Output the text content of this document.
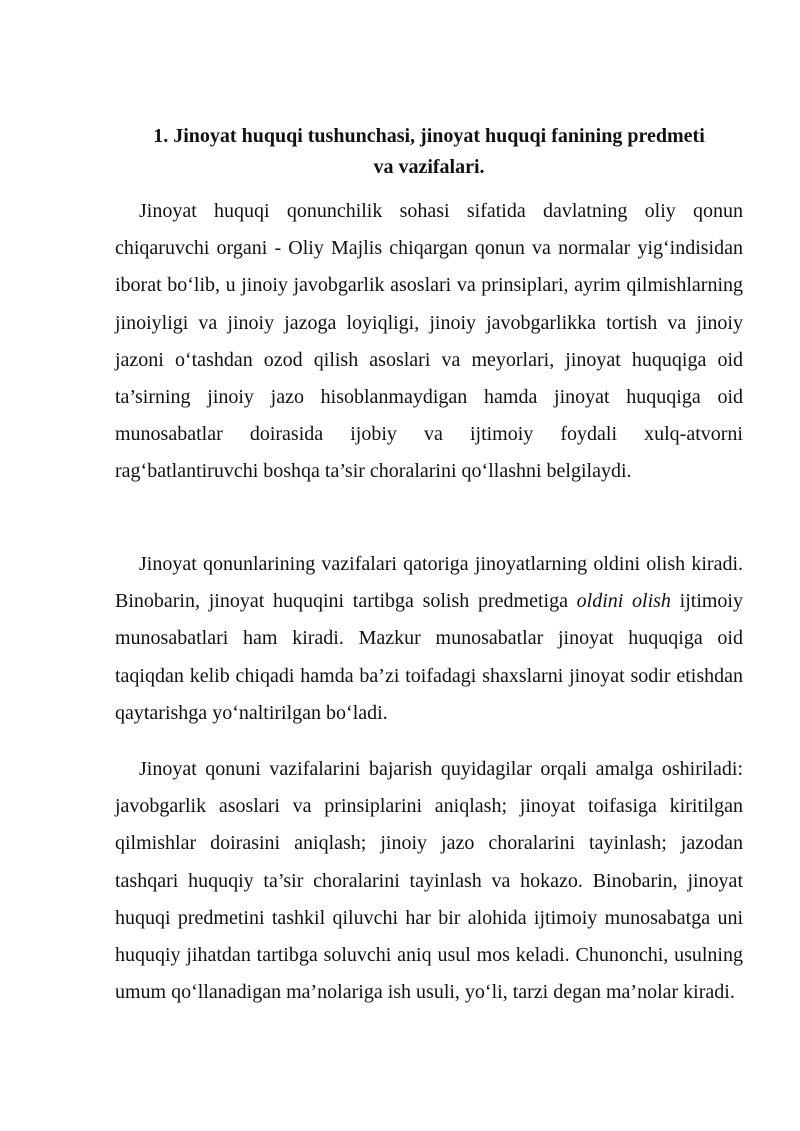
1. Jinoyat huquqi tushunchasi, jinoyat huquqi fanining predmeti
va vazifalari.

Jinoyat huquqi qonunchilik sohasi sifatida davlatning oliy qonun chiqaruvchi organi - Oliy Majlis chiqargan qonun va normalar yig‘indisidan iborat bo‘lib, u jinoiy javobgarlik asoslari va prinsiplari, ayrim qilmishlarning jinoiyligi va jinoiy jazoga loyiqligi, jinoiy javobgarlikka tortish va jinoiy jazoni o‘tashdan ozod qilish asoslari va meyorlari, jinoyat huquqiga oid ta’sirning jinoiy jazo hisoblanmaydigan hamda jinoyat huquqiga oid munosabatlar doirasida ijobiy va ijtimoiy foydali xulq-atvorni rag‘batlantiruvchi boshqa ta’sir choralarini qo‘llashni belgilaydi.

Jinoyat qonunlarining vazifalari qatoriga jinoyatlarning oldini olish kiradi. Binobarin, jinoyat huquqini tartibga solish predmetiga oldini olish ijtimoiy munosabatlari ham kiradi. Mazkur munosabatlar jinoyat huquqiga oid taqiqdan kelib chiqadi hamda ba’zi toifadagi shaxslarni jinoyat sodir etishdan qaytarishga yo‘naltirilgan bo‘ladi.

Jinoyat qonuni vazifalarini bajarish quyidagilar orqali amalga oshiriladi: javobgarlik asoslari va prinsiplarini aniqlash; jinoyat toifasiga kiritilgan qilmishlar doirasini aniqlash; jinoiy jazo choralarini tayinlash; jazodan tashqari huquqiy ta’sir choralarini tayinlash va hokazo. Binobarin, jinoyat huquqi predmetini tashkil qiluvchi har bir alohida ijtimoiy munosabatga uni huquqiy jihatdan tartibga soluvchi aniq usul mos keladi. Chunonchi, usulning umum qo‘llanadigan ma’nolariga ish usuli, yo‘li, tarzi degan ma’nolar kiradi.
